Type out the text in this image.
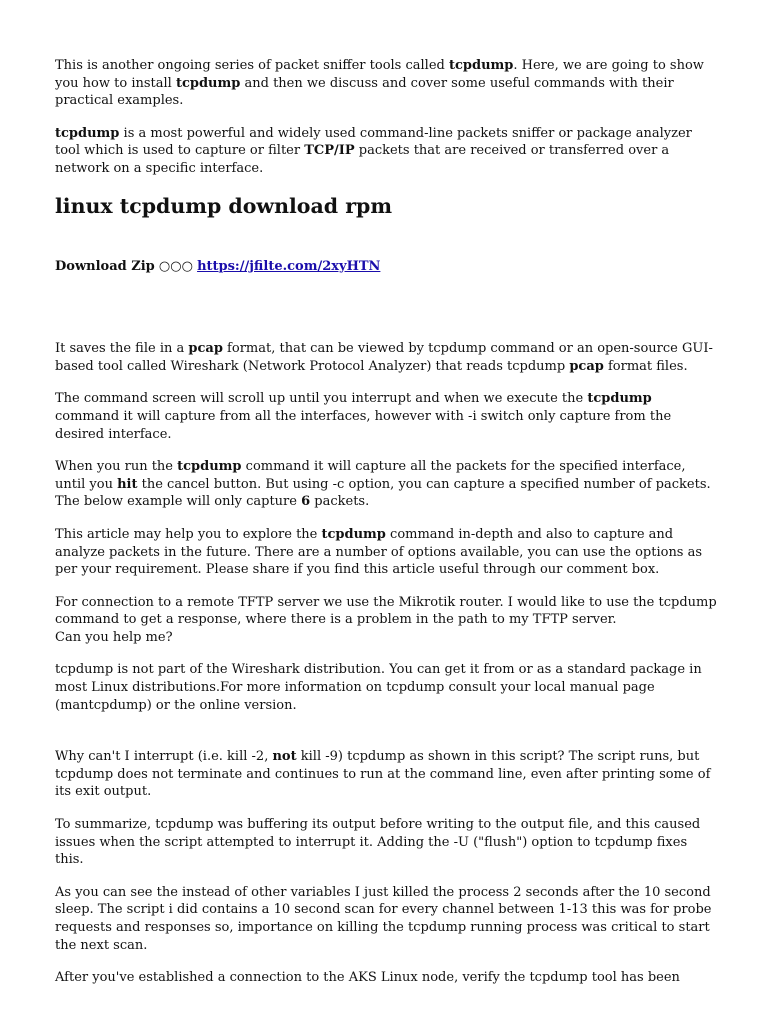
This is another ongoing series of packet sniffer tools called tcpdump. Here, we are going to show you how to install tcpdump and then we discuss and cover some useful commands with their practical examples.

tcpdump is a most powerful and widely used command-line packets sniffer or package analyzer tool which is used to capture or filter TCP/IP packets that are received or transferred over a network on a specific interface.

linux tcpdump download rpm
Download Zip ○○○ https://jfilte.com/2xyHTN

It saves the file in a pcap format, that can be viewed by tcpdump command or an open-source GUI-based tool called Wireshark (Network Protocol Analyzer) that reads tcpdump pcap format files.

The command screen will scroll up until you interrupt and when we execute the tcpdump command it will capture from all the interfaces, however with -i switch only capture from the desired interface.

When you run the tcpdump command it will capture all the packets for the specified interface, until you hit the cancel button. But using -c option, you can capture a specified number of packets. The below example will only capture 6 packets.

This article may help you to explore the tcpdump command in-depth and also to capture and analyze packets in the future. There are a number of options available, you can use the options as per your requirement. Please share if you find this article useful through our comment box.

For connection to a remote TFTP server we use the Mikrotik router. I would like to use the tcpdump command to get a response, where there is a problem in the path to my TFTP server.
Can you help me?

tcpdump is not part of the Wireshark distribution. You can get it from or as a standard package in most Linux distributions.For more information on tcpdump consult your local manual page (mantcpdump) or the online version.

Why can't I interrupt (i.e. kill -2, not kill -9) tcpdump as shown in this script? The script runs, but tcpdump does not terminate and continues to run at the command line, even after printing some of its exit output.

To summarize, tcpdump was buffering its output before writing to the output file, and this caused issues when the script attempted to interrupt it. Adding the -U ("flush") option to tcpdump fixes this.

As you can see the instead of other variables I just killed the process 2 seconds after the 10 second sleep. The script i did contains a 10 second scan for every channel between 1-13 this was for probe requests and responses so, importance on killing the tcpdump running process was critical to start the next scan.

After you've established a connection to the AKS Linux node, verify the tcpdump tool has been
